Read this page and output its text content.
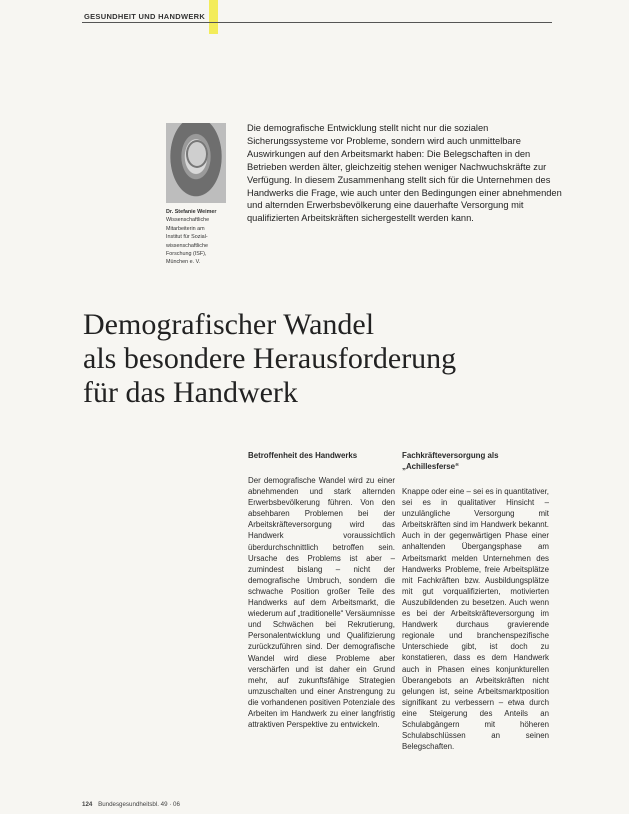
GESUNDHEIT UND HANDWERK
Dr. Stefanie Weimer
Wissenschaftliche
Mitarbeiterin am
Institut für Sozial-
wissenschaftliche
Forschung (ISF),
München e. V.
Die demografische Entwicklung stellt nicht nur die sozialen Sicherungssysteme vor Probleme, sondern wird auch unmittelbare Auswirkungen auf den Arbeitsmarkt haben: Die Belegschaften in den Betrieben werden älter, gleichzeitig stehen weniger Nachwuchskräfte zur Verfügung. In diesem Zusammenhang stellt sich für die Unternehmen des Handwerks die Frage, wie auch unter den Bedingungen einer abnehmenden und alternden Erwerbsbevölkerung eine dauerhafte Versorgung mit qualifizierten Arbeitskräften sichergestellt werden kann.
Demografischer Wandel
als besondere Herausforderung
für das Handwerk
Betroffenheit des Handwerks

Der demografische Wandel wird zu einer abnehmenden und stark alternden Erwerbsbevölkerung führen. Von den absehbaren Problemen bei der Arbeitskräfteversorgung wird das Handwerk voraussichtlich überdurchschnittlich betroffen sein. Ursache des Problems ist aber – zumindest bislang – nicht der demografische Umbruch, sondern die schwache Position großer Teile des Handwerks auf dem Arbeitsmarkt, die wiederum auf „traditionelle“ Versäumnisse und Schwächen bei Rekrutierung, Personalentwicklung und Qualifizierung zurückzuführen sind. Der demografische Wandel wird diese Probleme aber verschärfen und ist daher ein Grund mehr, auf zukunftsfähige Strategien umzuschalten und einer Anstrengung zu die vorhandenen positiven Potenziale des Arbeiten im Handwerk zu einer langfristig attraktiven Perspektive zu entwickeln.

Fachkräfteversorgung als „Achillesferse“

Knappe oder eine – sei es in quantitativer, sei es in qualitativer Hinsicht – unzulängliche Versorgung mit Arbeitskräften sind im Handwerk bekannt. Auch in der gegenwärtigen Phase einer anhaltenden Übergangsphase am Arbeitsmarkt melden Unternehmen des Handwerks Probleme, freie Arbeitsplätze mit Fachkräften bzw. Ausbildungsplätze mit gut vorqualifizierten, motivierten Auszubildenden zu besetzen. Auch wenn es bei der Arbeitskräfteversorgung im Handwerk durchaus gravierende regionale und branchenspezifische Unterschiede gibt, ist doch zu konstatieren, dass es dem Handwerk auch in Phasen eines konjunkturellen Überangebots an Arbeitskräften nicht gelungen ist, seine Arbeitsmarktposition signifikant zu verbessern – etwa durch eine Steigerung des Anteils an Schulabgängern mit höheren Schulabschlüssen an seinen Belegschaften.

124 Bundesgesundheitsbl. 49 · 06
